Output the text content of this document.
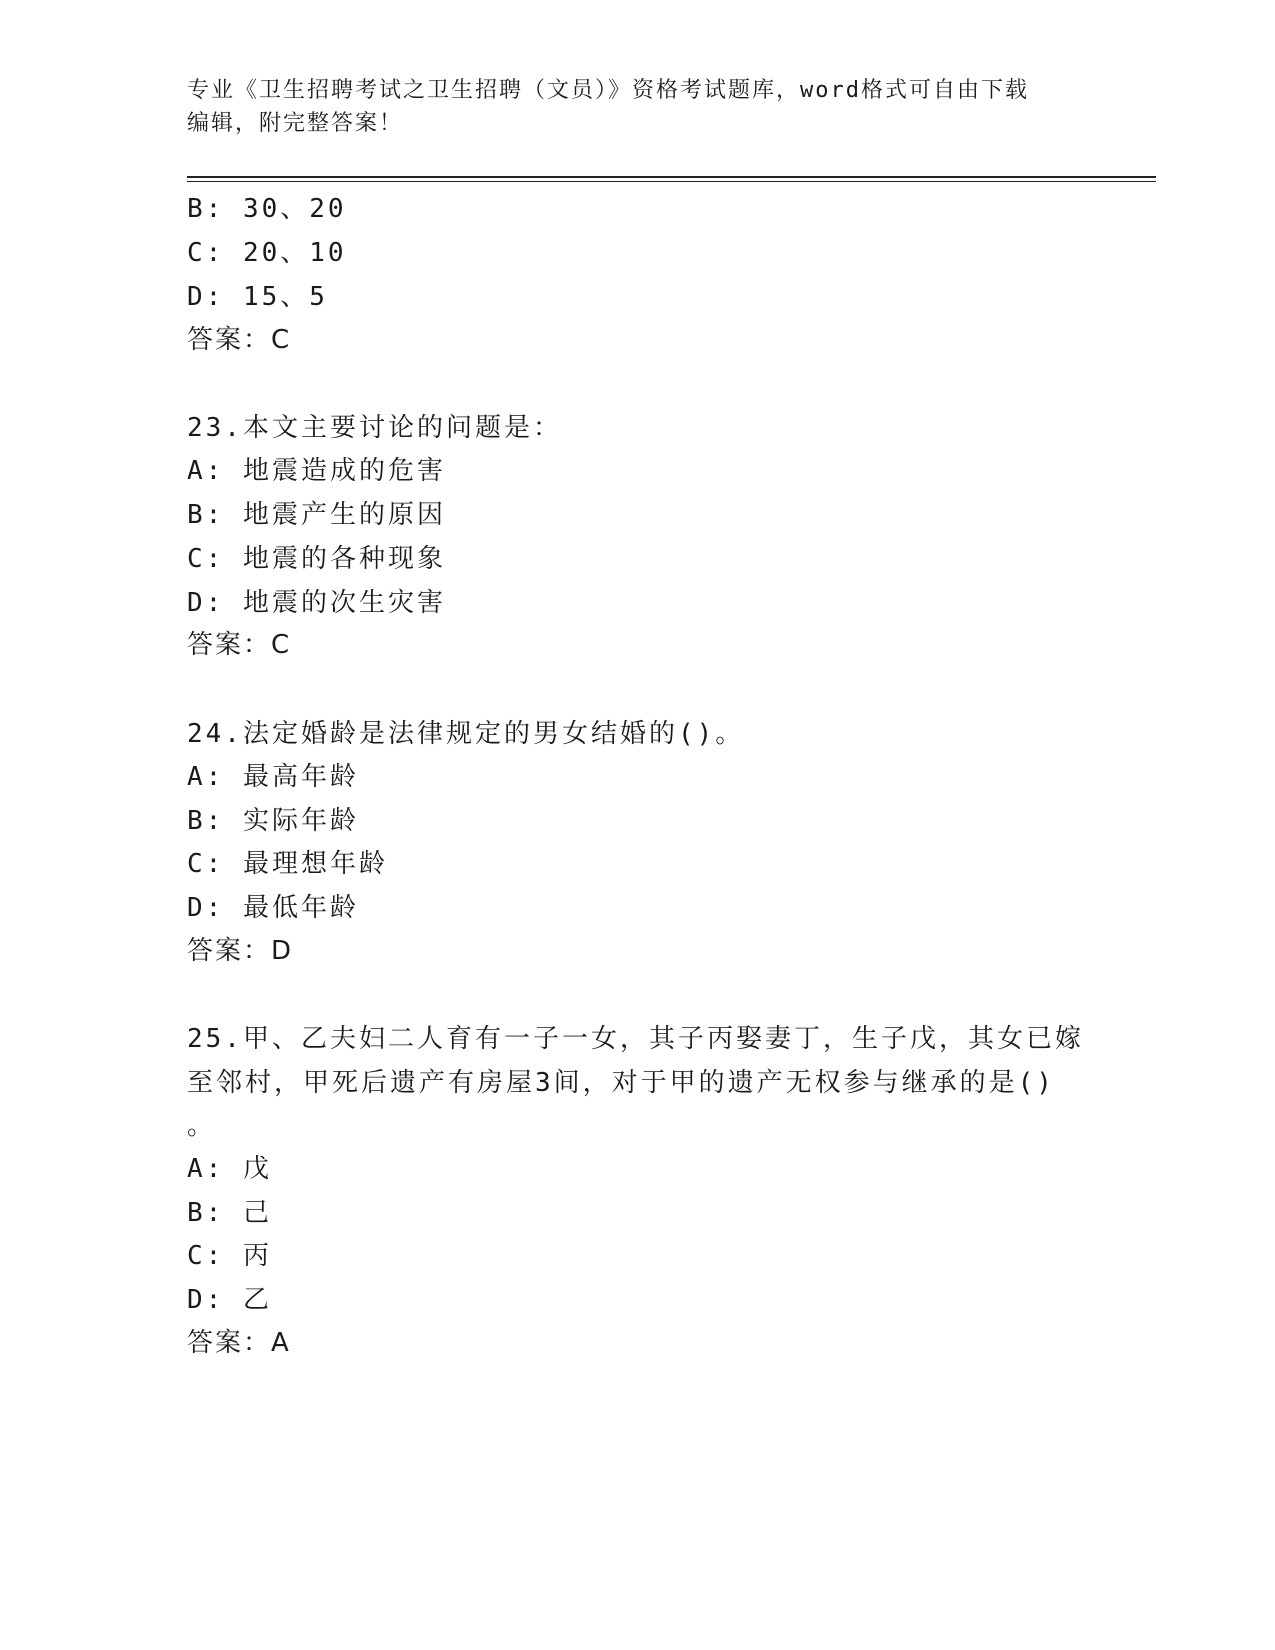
专业《卫生招聘考试之卫生招聘（文员）》资格考试题库，word格式可自由下载
编辑，附完整答案！
B: 30、20
C: 20、10
D: 15、5
答案：C
23.本文主要讨论的问题是：
A: 地震造成的危害
B: 地震产生的原因
C: 地震的各种现象
D: 地震的次生灾害
答案：C
24.法定婚龄是法律规定的男女结婚的()。
A: 最高年龄
B: 实际年龄
C: 最理想年龄
D: 最低年龄
答案：D
25.甲、乙夫妇二人育有一子一女，其子丙娶妻丁，生子戊，其女已嫁
至邻村，甲死后遗产有房屋3间，对于甲的遗产无权参与继承的是()
。
A: 戊
B: 己
C: 丙
D: 乙
答案：A
